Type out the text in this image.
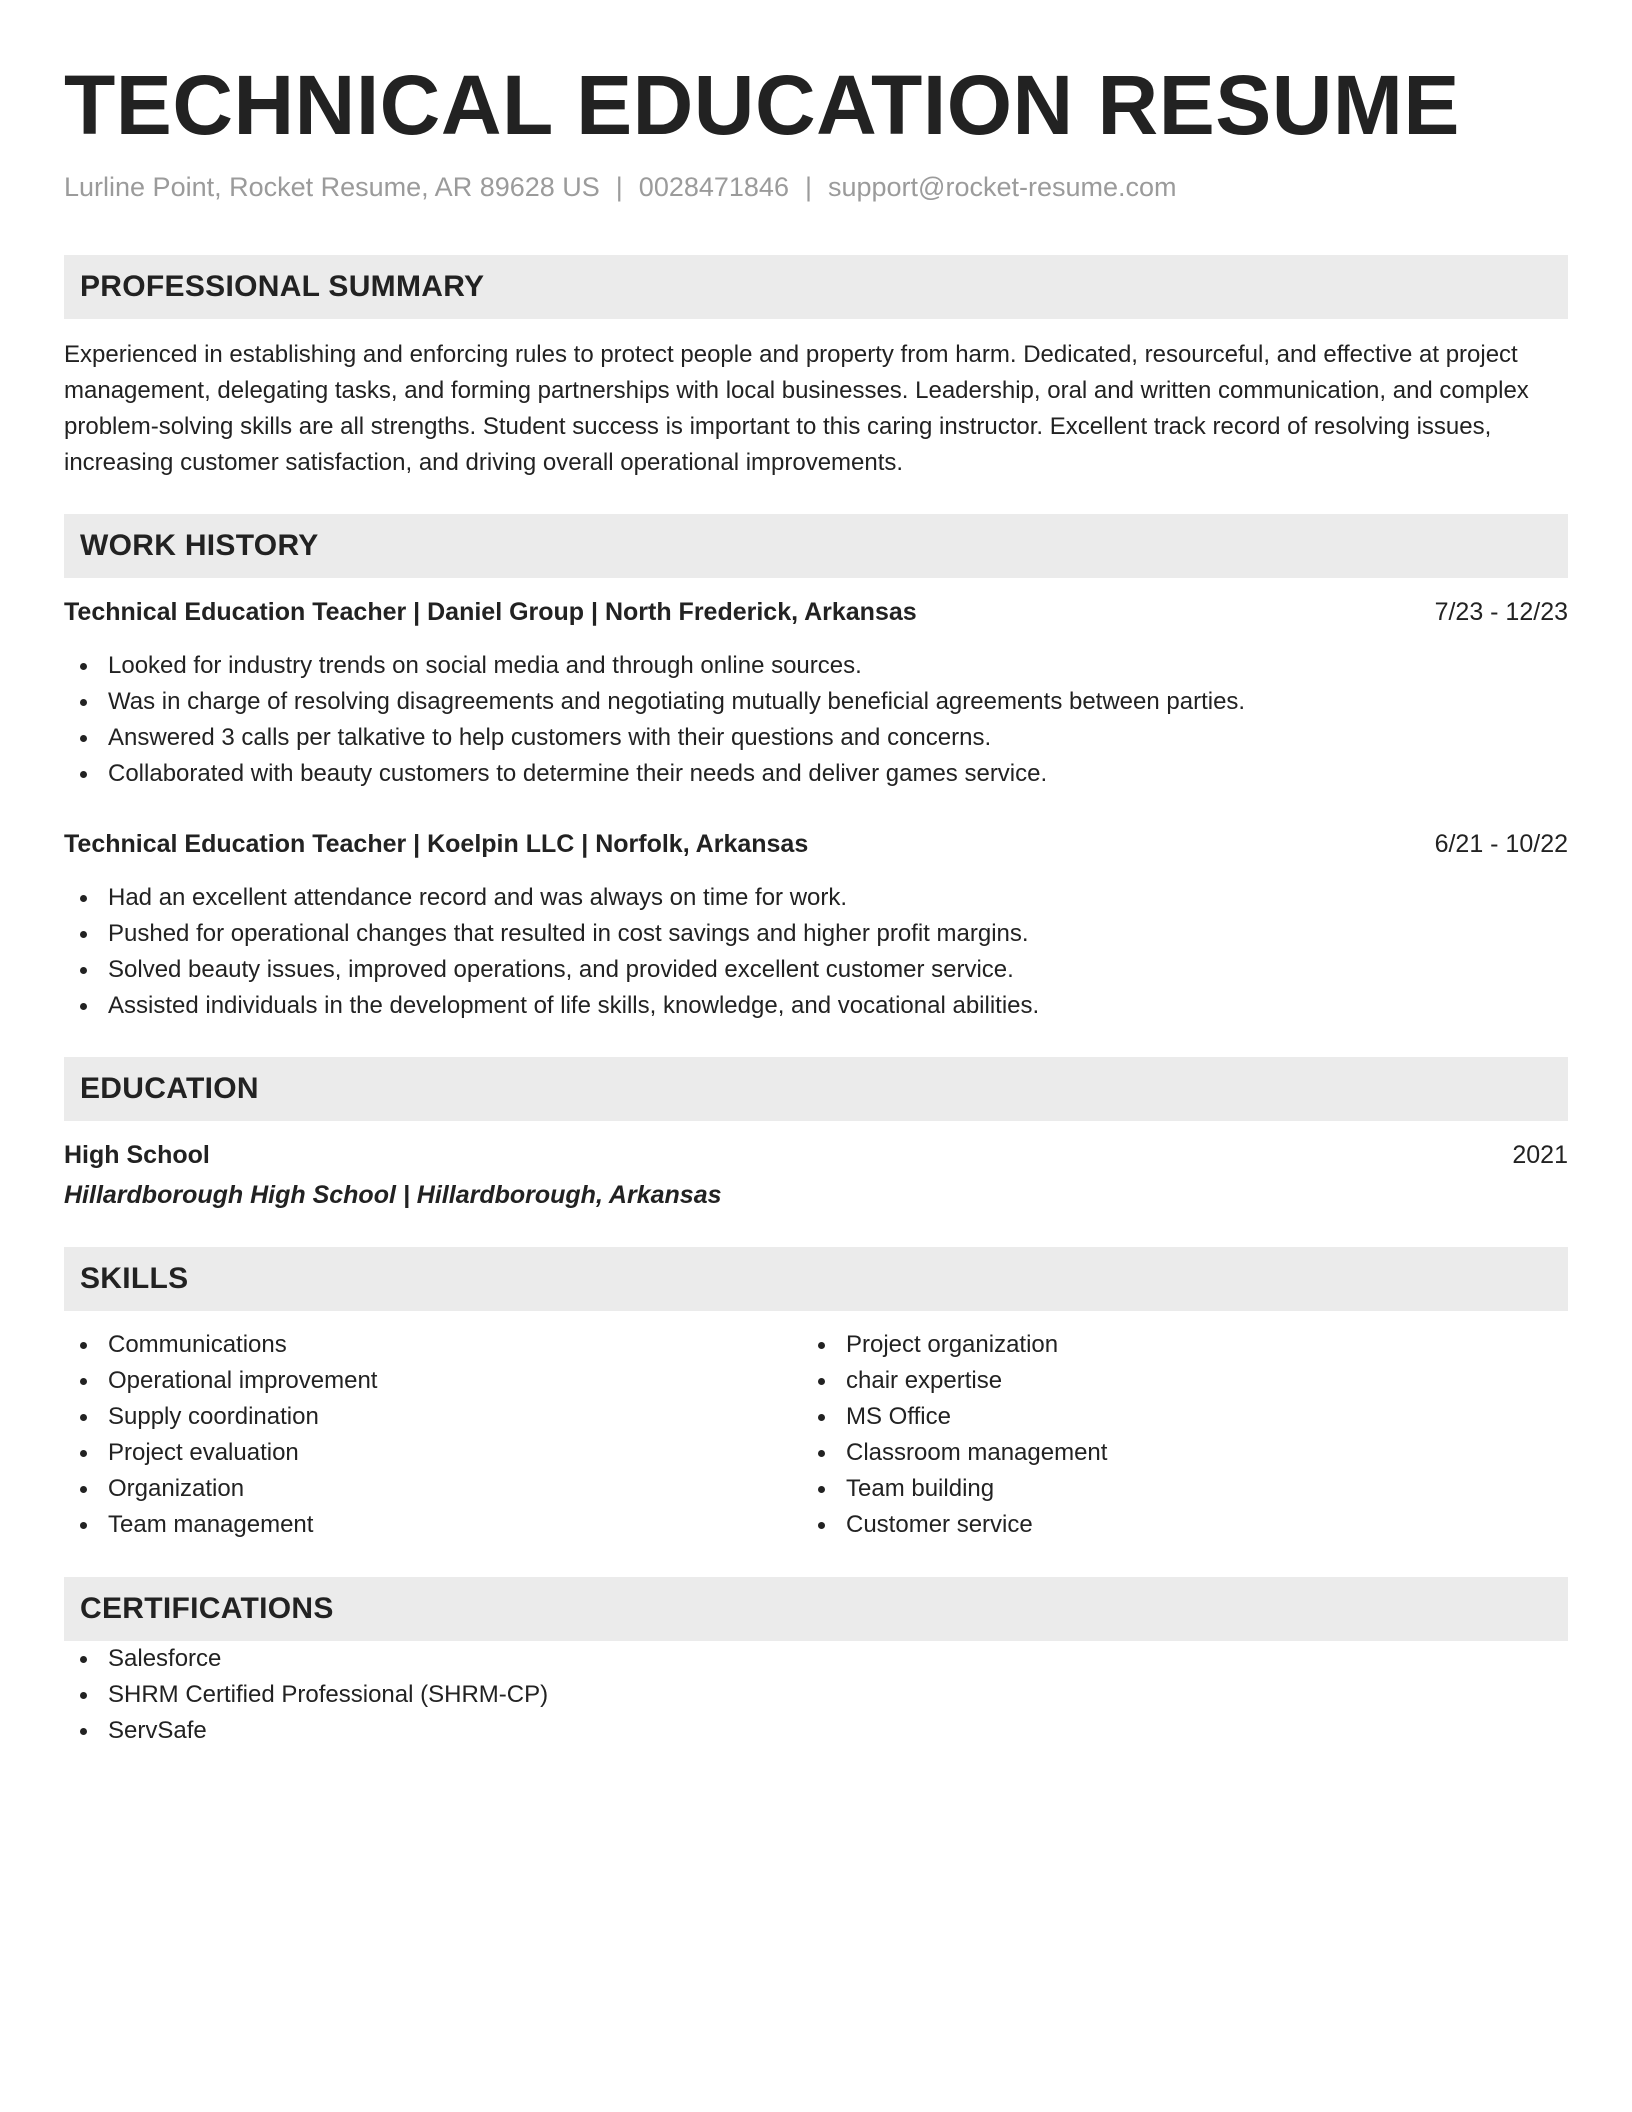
TECHNICAL EDUCATION RESUME
Lurline Point, Rocket Resume, AR 89628 US | 0028471846 | support@rocket-resume.com
PROFESSIONAL SUMMARY
Experienced in establishing and enforcing rules to protect people and property from harm. Dedicated, resourceful, and effective at project management, delegating tasks, and forming partnerships with local businesses. Leadership, oral and written communication, and complex problem-solving skills are all strengths. Student success is important to this caring instructor. Excellent track record of resolving issues, increasing customer satisfaction, and driving overall operational improvements.
WORK HISTORY
Technical Education Teacher | Daniel Group | North Frederick, Arkansas	7/23 - 12/23
Looked for industry trends on social media and through online sources.
Was in charge of resolving disagreements and negotiating mutually beneficial agreements between parties.
Answered 3 calls per talkative to help customers with their questions and concerns.
Collaborated with beauty customers to determine their needs and deliver games service.
Technical Education Teacher | Koelpin LLC | Norfolk, Arkansas	6/21 - 10/22
Had an excellent attendance record and was always on time for work.
Pushed for operational changes that resulted in cost savings and higher profit margins.
Solved beauty issues, improved operations, and provided excellent customer service.
Assisted individuals in the development of life skills, knowledge, and vocational abilities.
EDUCATION
High School	2021
Hillardborough High School | Hillardborough, Arkansas
SKILLS
Communications
Operational improvement
Supply coordination
Project evaluation
Organization
Team management
Project organization
chair expertise
MS Office
Classroom management
Team building
Customer service
CERTIFICATIONS
Salesforce
SHRM Certified Professional (SHRM-CP)
ServSafe
